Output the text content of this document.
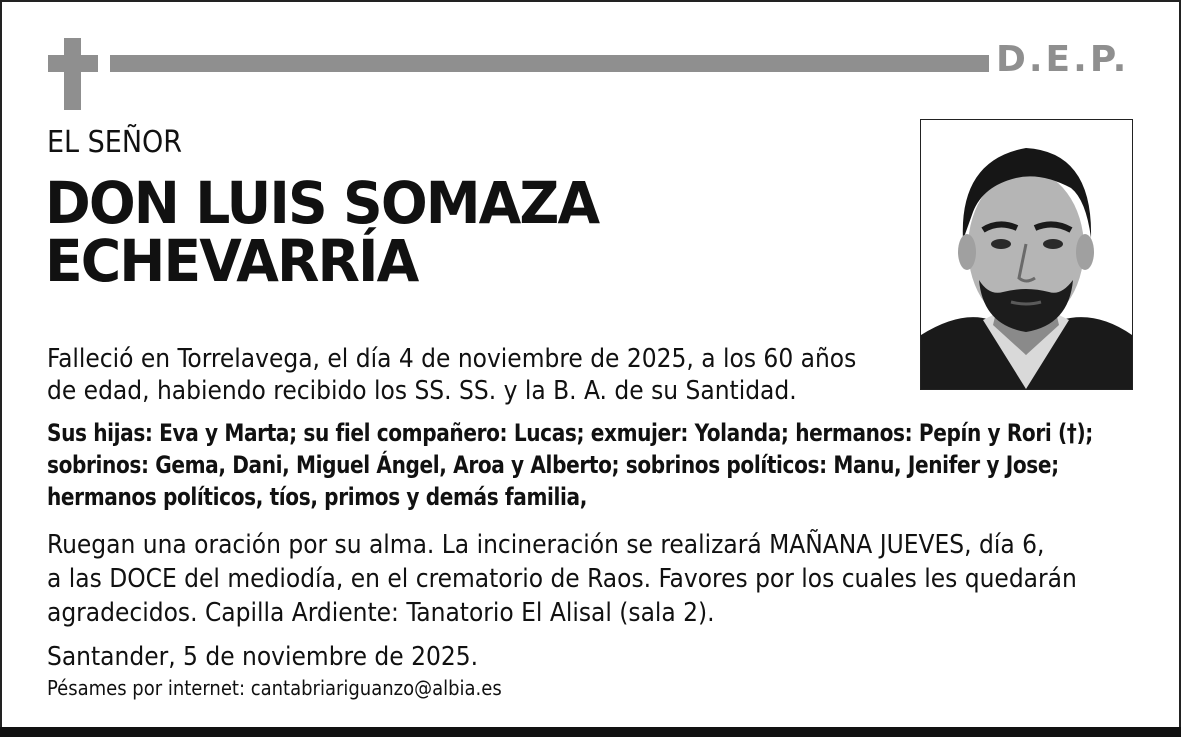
D.E.P.
EL SEÑOR
DON LUIS SOMAZA
ECHEVARRÍA
Falleció en Torrelavega, el día 4 de noviembre de 2025, a los 60 años
de edad, habiendo recibido los SS. SS. y la B. A. de su Santidad.
Sus hijas: Eva y Marta; su fiel compañero: Lucas; exmujer: Yolanda; hermanos: Pepín y Rori (†);
sobrinos: Gema, Dani, Miguel Ángel, Aroa y Alberto; sobrinos políticos: Manu, Jenifer y Jose;
hermanos políticos, tíos, primos y demás familia,
Ruegan una oración por su alma. La incineración se realizará MAÑANA JUEVES, día 6,
a las DOCE del mediodía, en el crematorio de Raos. Favores por los cuales les quedarán
agradecidos. Capilla Ardiente: Tanatorio El Alisal (sala 2).
Santander, 5 de noviembre de 2025.
Pésames por internet: cantabriariguanzo@albia.es
